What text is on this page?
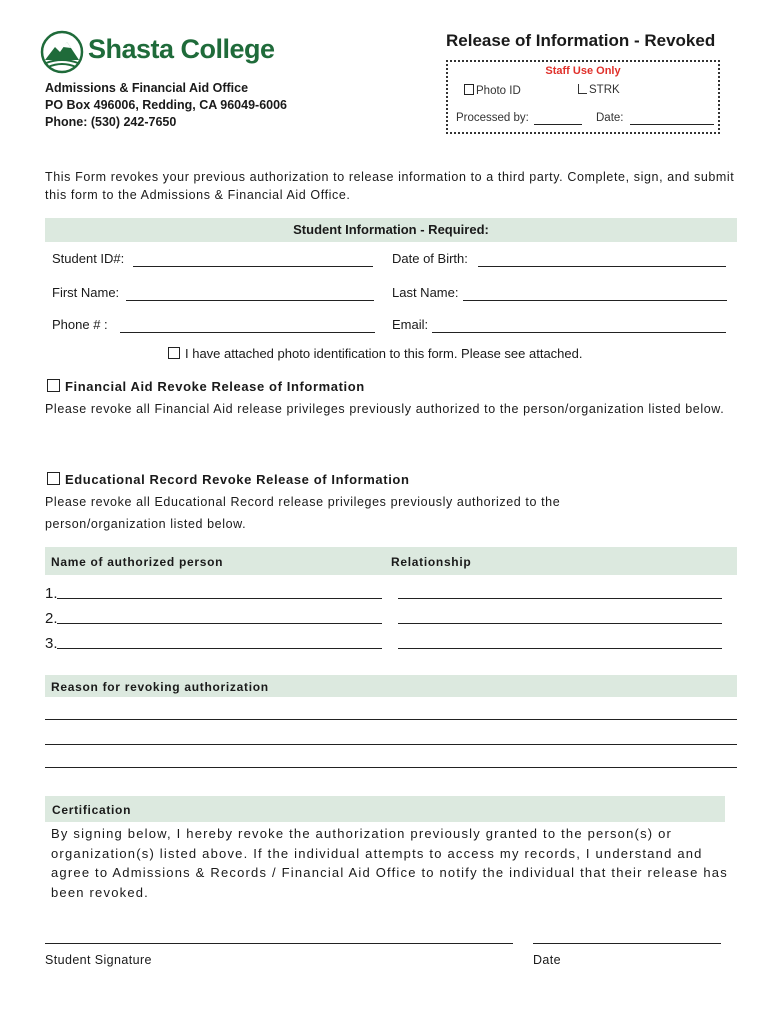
Shasta College
Admissions & Financial Aid Office
PO Box 496006, Redding, CA 96049-6006
Phone: (530) 242-7650
Release of Information - Revoked
Staff Use Only
Photo ID	STRK
Processed by:	Date:
This Form revokes your previous authorization to release information to a third party. Complete, sign, and submit this form to the Admissions & Financial Aid Office.
Student Information - Required:
Student ID#:	Date of Birth:
First Name:	Last Name:
Phone # :	Email:
I have attached photo identification to this form. Please see attached.
Financial Aid Revoke Release of Information
Please revoke all Financial Aid release privileges previously authorized to the person/organization listed below.
Educational Record Revoke Release of Information
Please revoke all Educational Record release privileges previously authorized to the person/organization listed below.
Name of authorized person	Relationship
1.
2.
3.
Reason for revoking authorization
Certification
By signing below, I hereby revoke the authorization previously granted to the person(s) or organization(s) listed above. If the individual attempts to access my records, I understand and agree to Admissions & Records / Financial Aid Office to notify the individual that their release has been revoked.
Student Signature	Date
